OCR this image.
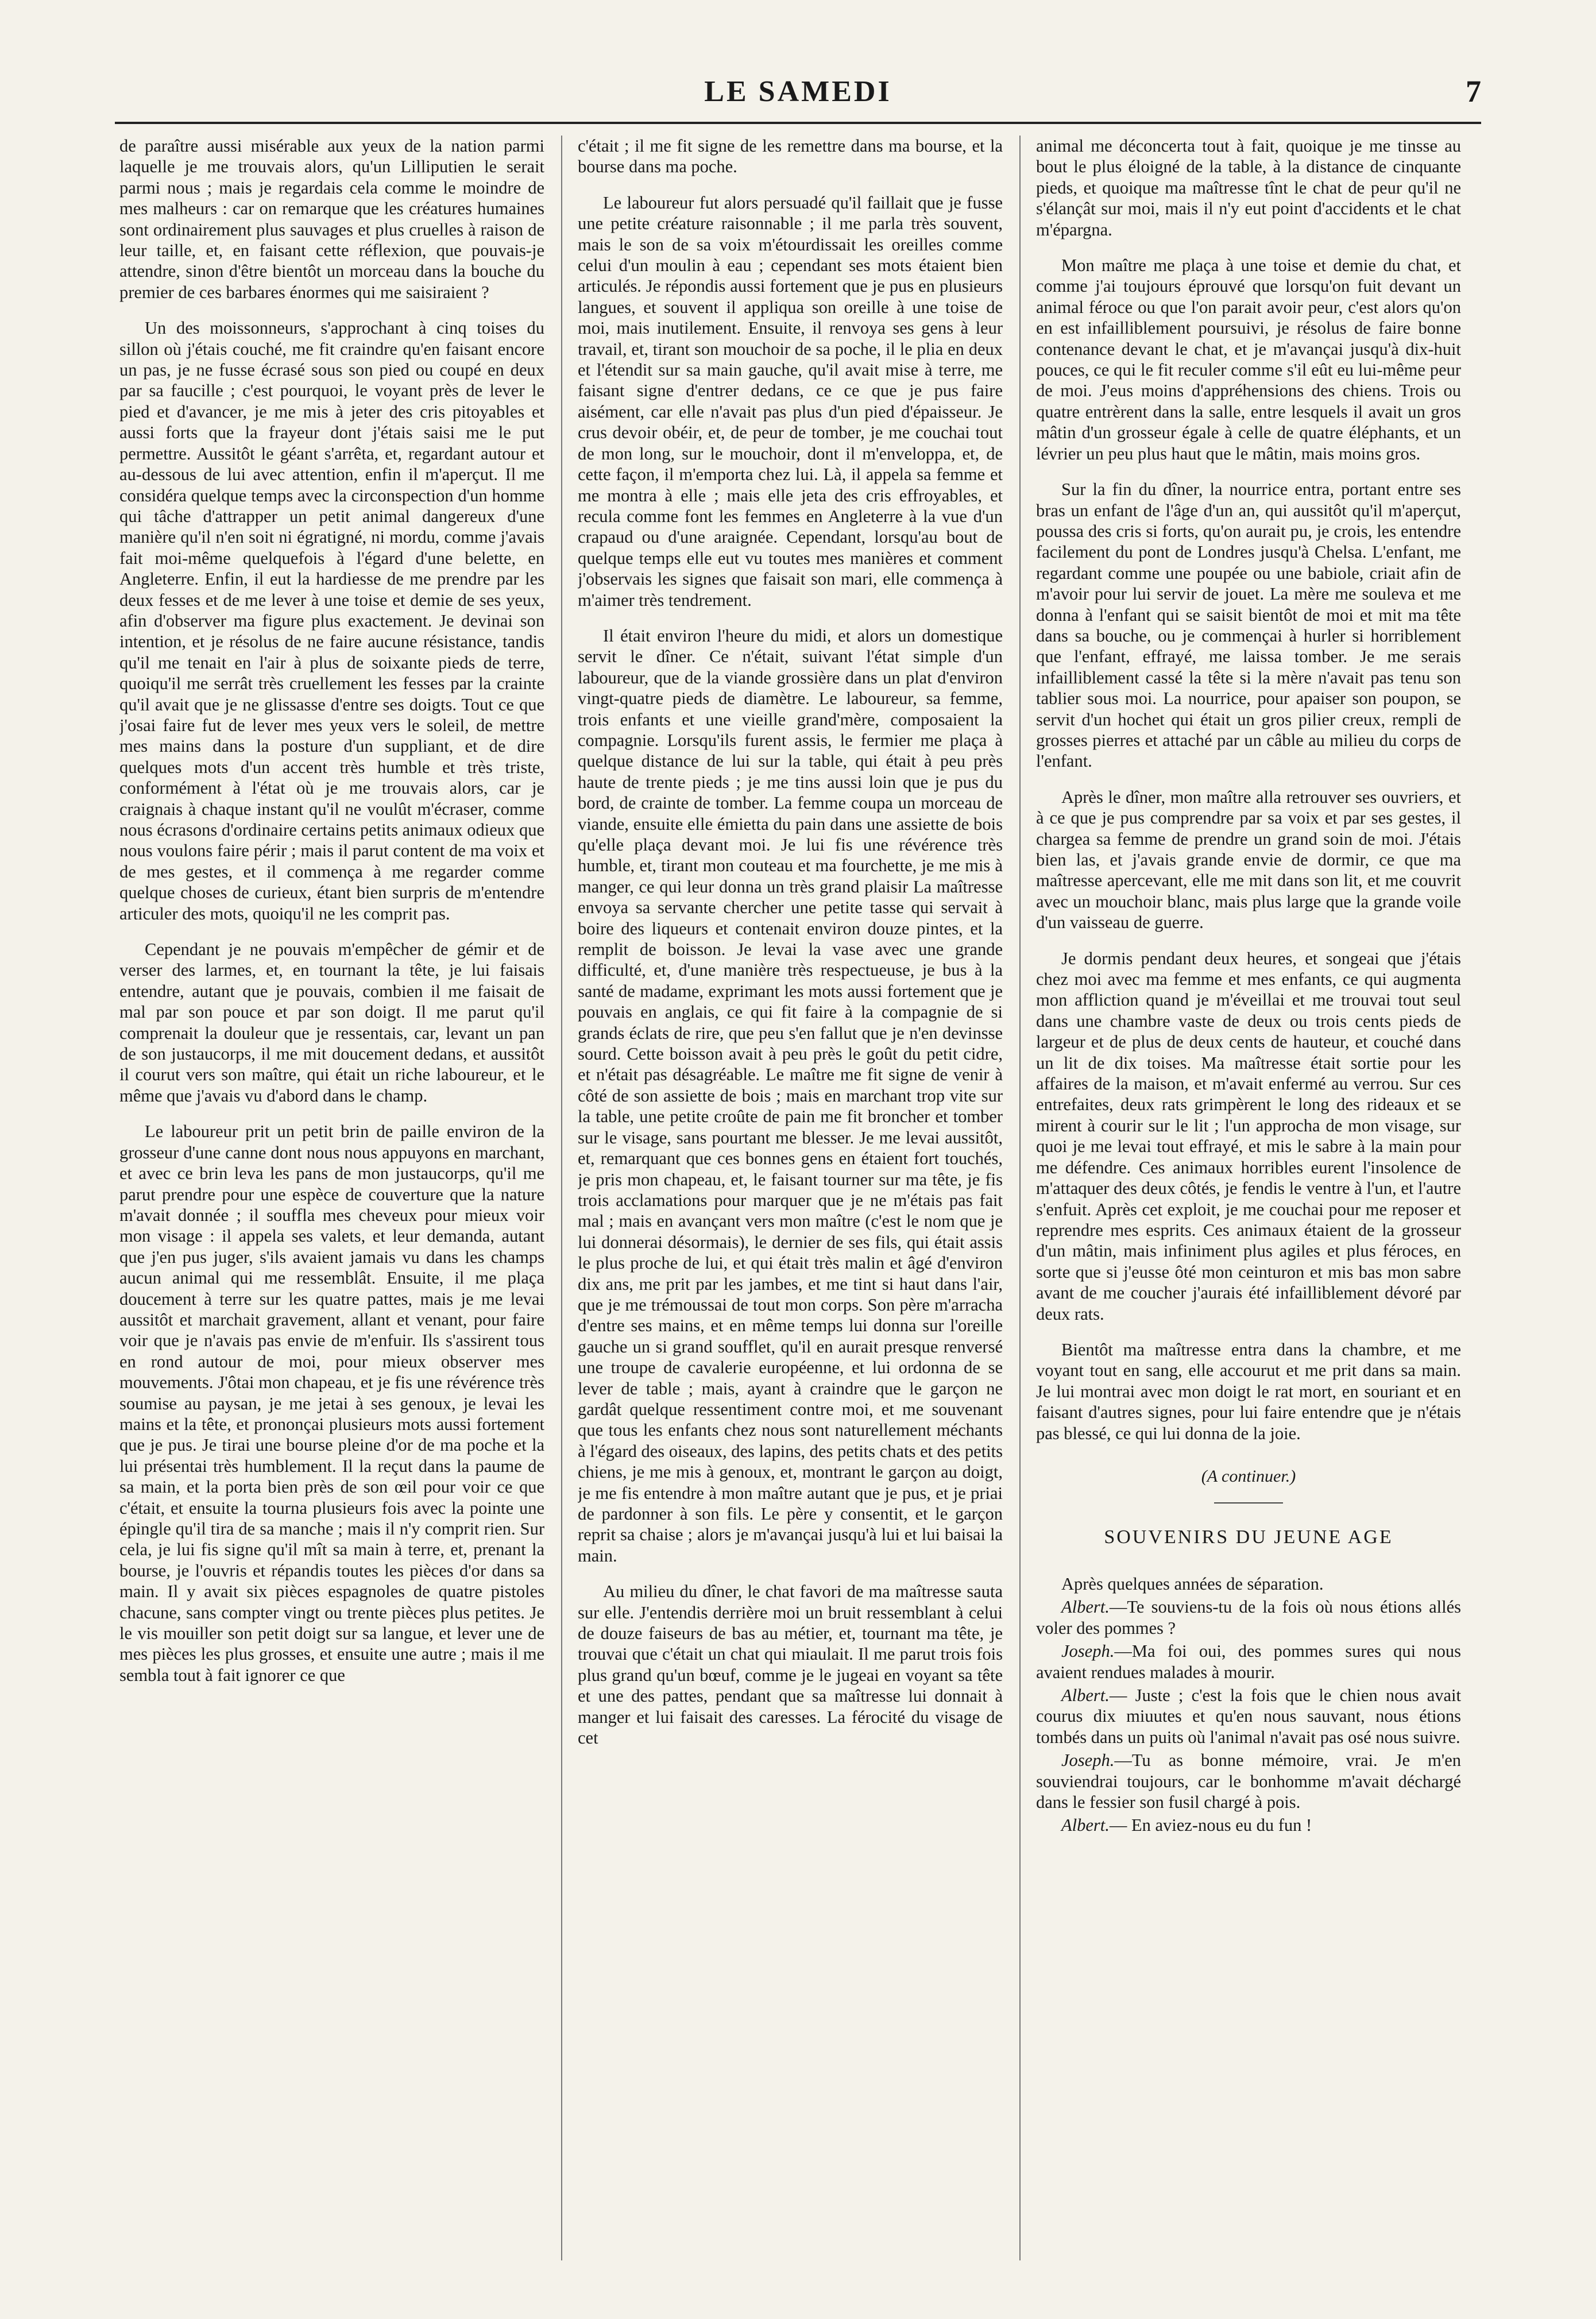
LE SAMEDI	7

de paraître aussi misérable aux yeux de la nation parmi laquelle je me trouvais alors, qu'un Lilliputien le serait parmi nous ; mais je regardais cela comme le moindre de mes malheurs : car on remarque que les créatures humaines sont ordinairement plus sauvages et plus cruelles à raison de leur taille, et, en faisant cette réflexion, que pouvais-je attendre, sinon d'être bientôt un morceau dans la bouche du premier de ces barbares énormes qui me saisiraient ?

Un des moissonneurs, s'approchant à cinq toises du sillon où j'étais couché, me fit craindre qu'en faisant encore un pas, je ne fusse écrasé sous son pied ou coupé en deux par sa faucille ; c'est pourquoi, le voyant près de lever le pied et d'avancer, je me mis à jeter des cris pitoyables et aussi forts que la frayeur dont j'étais saisi me le put permettre. Aussitôt le géant s'arrêta, et, regardant autour et au-dessous de lui avec attention, enfin il m'aperçut. Il me considéra quelque temps avec la circonspection d'un homme qui tâche d'attrapper un petit animal dangereux d'une manière qu'il n'en soit ni égratigné, ni mordu, comme j'avais fait moi-même quelquefois à l'égard d'une belette, en Angleterre. Enfin, il eut la hardiesse de me prendre par les deux fesses et de me lever à une toise et demie de ses yeux, afin d'observer ma figure plus exactement. Je devinai son intention, et je résolus de ne faire aucune résistance, tandis qu'il me tenait en l'air à plus de soixante pieds de terre, quoiqu'il me serrât très cruellement les fesses par la crainte qu'il avait que je ne glissasse d'entre ses doigts. Tout ce que j'osai faire fut de lever mes yeux vers le soleil, de mettre mes mains dans la posture d'un suppliant, et de dire quelques mots d'un accent très humble et très triste, conformément à l'état où je me trouvais alors, car je craignais à chaque instant qu'il ne voulût m'écraser, comme nous écrasons d'ordinaire certains petits animaux odieux que nous voulons faire périr ; mais il parut content de ma voix et de mes gestes, et il commença à me regarder comme quelque choses de curieux, étant bien surpris de m'entendre articuler des mots, quoiqu'il ne les comprit pas.

Cependant je ne pouvais m'empêcher de gémir et de verser des larmes, et, en tournant la tête, je lui faisais entendre, autant que je pouvais, combien il me faisait de mal par son pouce et par son doigt. Il me parut qu'il comprenait la douleur que je ressentais, car, levant un pan de son justaucorps, il me mit doucement dedans, et aussitôt il courut vers son maître, qui était un riche laboureur, et le même que j'avais vu d'abord dans le champ.

Le laboureur prit un petit brin de paille environ de la grosseur d'une canne dont nous nous appuyons en marchant, et avec ce brin leva les pans de mon justaucorps, qu'il me parut prendre pour une espèce de couverture que la nature m'avait donnée ; il souffla mes cheveux pour mieux voir mon visage : il appela ses valets, et leur demanda, autant que j'en pus juger, s'ils avaient jamais vu dans les champs aucun animal qui me ressemblât. Ensuite, il me plaça doucement à terre sur les quatre pattes, mais je me levai aussitôt et marchait gravement, allant et venant, pour faire voir que je n'avais pas envie de m'enfuir. Ils s'assirent tous en rond autour de moi, pour mieux observer mes mouvements. J'ôtai mon chapeau, et je fis une révérence très soumise au paysan, je me jetai à ses genoux, je levai les mains et la tête, et prononçai plusieurs mots aussi fortement que je pus. Je tirai une bourse pleine d'or de ma poche et la lui présentai très humblement. Il la reçut dans la paume de sa main, et la porta bien près de son œil pour voir ce que c'était, et ensuite la tourna plusieurs fois avec la pointe une épingle qu'il tira de sa manche ; mais il n'y comprit rien. Sur cela, je lui fis signe qu'il mît sa main à terre, et, prenant la bourse, je l'ouvris et répandis toutes les pièces d'or dans sa main. Il y avait six pièces espagnoles de quatre pistoles chacune, sans compter vingt ou trente pièces plus petites. Je le vis mouiller son petit doigt sur sa langue, et lever une de mes pièces les plus grosses, et ensuite une autre ; mais il me sembla tout à fait ignorer ce que

c'était ; il me fit signe de les remettre dans ma bourse, et la bourse dans ma poche.

Le laboureur fut alors persuadé qu'il faillait que je fusse une petite créature raisonnable ; il me parla très souvent, mais le son de sa voix m'étourdissait les oreilles comme celui d'un moulin à eau ; cependant ses mots étaient bien articulés. Je répondis aussi fortement que je pus en plusieurs langues, et souvent il appliqua son oreille à une toise de moi, mais inutilement. Ensuite, il renvoya ses gens à leur travail, et, tirant son mouchoir de sa poche, il le plia en deux et l'étendit sur sa main gauche, qu'il avait mise à terre, me faisant signe d'entrer dedans, ce ce que je pus faire aisément, car elle n'avait pas plus d'un pied d'épaisseur. Je crus devoir obéir, et, de peur de tomber, je me couchai tout de mon long, sur le mouchoir, dont il m'enveloppa, et, de cette façon, il m'emporta chez lui. Là, il appela sa femme et me montra à elle ; mais elle jeta des cris effroyables, et recula comme font les femmes en Angleterre à la vue d'un crapaud ou d'une araignée. Cependant, lorsqu'au bout de quelque temps elle eut vu toutes mes manières et comment j'observais les signes que faisait son mari, elle commença à m'aimer très tendrement.

Il était environ l'heure du midi, et alors un domestique servit le dîner. Ce n'était, suivant l'état simple d'un laboureur, que de la viande grossière dans un plat d'environ vingt-quatre pieds de diamètre. Le laboureur, sa femme, trois enfants et une vieille grand'mère, composaient la compagnie. Lorsqu'ils furent assis, le fermier me plaça à quelque distance de lui sur la table, qui était à peu près haute de trente pieds ; je me tins aussi loin que je pus du bord, de crainte de tomber. La femme coupa un morceau de viande, ensuite elle émietta du pain dans une assiette de bois qu'elle plaça devant moi. Je lui fis une révérence très humble, et, tirant mon couteau et ma fourchette, je me mis à manger, ce qui leur donna un très grand plaisir La maîtresse envoya sa servante chercher une petite tasse qui servait à boire des liqueurs et contenait environ douze pintes, et la remplit de boisson. Je levai la vase avec une grande difficulté, et, d'une manière très respectueuse, je bus à la santé de madame, exprimant les mots aussi fortement que je pouvais en anglais, ce qui fit faire à la compagnie de si grands éclats de rire, que peu s'en fallut que je n'en devinsse sourd. Cette boisson avait à peu près le goût du petit cidre, et n'était pas désagréable. Le maître me fit signe de venir à côté de son assiette de bois ; mais en marchant trop vite sur la table, une petite croûte de pain me fit broncher et tomber sur le visage, sans pourtant me blesser. Je me levai aussitôt, et, remarquant que ces bonnes gens en étaient fort touchés, je pris mon chapeau, et, le faisant tourner sur ma tête, je fis trois acclamations pour marquer que je ne m'étais pas fait mal ; mais en avançant vers mon maître (c'est le nom que je lui donnerai désormais), le dernier de ses fils, qui était assis le plus proche de lui, et qui était très malin et âgé d'environ dix ans, me prit par les jambes, et me tint si haut dans l'air, que je me trémoussai de tout mon corps. Son père m'arracha d'entre ses mains, et en même temps lui donna sur l'oreille gauche un si grand soufflet, qu'il en aurait presque renversé une troupe de cavalerie européenne, et lui ordonna de se lever de table ; mais, ayant à craindre que le garçon ne gardât quelque ressentiment contre moi, et me souvenant que tous les enfants chez nous sont naturellement méchants à l'égard des oiseaux, des lapins, des petits chats et des petits chiens, je me mis à genoux, et, montrant le garçon au doigt, je me fis entendre à mon maître autant que je pus, et je priai de pardonner à son fils. Le père y consentit, et le garçon reprit sa chaise ; alors je m'avançai jusqu'à lui et lui baisai la main.

Au milieu du dîner, le chat favori de ma maîtresse sauta sur elle. J'entendis derrière moi un bruit ressemblant à celui de douze faiseurs de bas au métier, et, tournant ma tête, je trouvai que c'était un chat qui miaulait. Il me parut trois fois plus grand qu'un bœuf, comme je le jugeai en voyant sa tête et une des pattes, pendant que sa maîtresse lui donnait à manger et lui faisait des caresses. La férocité du visage de cet

animal me déconcerta tout à fait, quoique je me tinsse au bout le plus éloigné de la table, à la distance de cinquante pieds, et quoique ma maîtresse tînt le chat de peur qu'il ne s'élançât sur moi, mais il n'y eut point d'accidents et le chat m'épargna.

Mon maître me plaça à une toise et demie du chat, et comme j'ai toujours éprouvé que lorsqu'on fuit devant un animal féroce ou que l'on parait avoir peur, c'est alors qu'on en est infailliblement poursuivi, je résolus de faire bonne contenance devant le chat, et je m'avançai jusqu'à dix-huit pouces, ce qui le fit reculer comme s'il eût eu lui-même peur de moi. J'eus moins d'appréhensions des chiens. Trois ou quatre entrèrent dans la salle, entre lesquels il avait un gros mâtin d'un grosseur égale à celle de quatre éléphants, et un lévrier un peu plus haut que le mâtin, mais moins gros.

Sur la fin du dîner, la nourrice entra, portant entre ses bras un enfant de l'âge d'un an, qui aussitôt qu'il m'aperçut, poussa des cris si forts, qu'on aurait pu, je crois, les entendre facilement du pont de Londres jusqu'à Chelsa. L'enfant, me regardant comme une poupée ou une babiole, criait afin de m'avoir pour lui servir de jouet. La mère me souleva et me donna à l'enfant qui se saisit bientôt de moi et mit ma tête dans sa bouche, ou je commençai à hurler si horriblement que l'enfant, effrayé, me laissa tomber. Je me serais infailliblement cassé la tête si la mère n'avait pas tenu son tablier sous moi. La nourrice, pour apaiser son poupon, se servit d'un hochet qui était un gros pilier creux, rempli de grosses pierres et attaché par un câble au milieu du corps de l'enfant.

Après le dîner, mon maître alla retrouver ses ouvriers, et à ce que je pus comprendre par sa voix et par ses gestes, il chargea sa femme de prendre un grand soin de moi. J'étais bien las, et j'avais grande envie de dormir, ce que ma maîtresse apercevant, elle me mit dans son lit, et me couvrit avec un mouchoir blanc, mais plus large que la grande voile d'un vaisseau de guerre.

Je dormis pendant deux heures, et songeai que j'étais chez moi avec ma femme et mes enfants, ce qui augmenta mon affliction quand je m'éveillai et me trouvai tout seul dans une chambre vaste de deux ou trois cents pieds de largeur et de plus de deux cents de hauteur, et couché dans un lit de dix toises. Ma maîtresse était sortie pour les affaires de la maison, et m'avait enfermé au verrou. Sur ces entrefaites, deux rats grimpèrent le long des rideaux et se mirent à courir sur le lit ; l'un approcha de mon visage, sur quoi je me levai tout effrayé, et mis le sabre à la main pour me défendre. Ces animaux horribles eurent l'insolence de m'attaquer des deux côtés, je fendis le ventre à l'un, et l'autre s'enfuit. Après cet exploit, je me couchai pour me reposer et reprendre mes esprits. Ces animaux étaient de la grosseur d'un mâtin, mais infiniment plus agiles et plus féroces, en sorte que si j'eusse ôté mon ceinturon et mis bas mon sabre avant de me coucher j'aurais été infailliblement dévoré par deux rats.

Bientôt ma maîtresse entra dans la chambre, et me voyant tout en sang, elle accourut et me prit dans sa main. Je lui montrai avec mon doigt le rat mort, en souriant et en faisant d'autres signes, pour lui faire entendre que je n'étais pas blessé, ce qui lui donna de la joie.

(A continuer.)
SOUVENIRS DU JEUNE AGE

Après quelques années de séparation.

Albert.—Te souviens-tu de la fois où nous étions allés voler des pommes ?

Joseph.—Ma foi oui, des pommes sures qui nous avaient rendues malades à mourir.

Albert.— Juste ; c'est la fois que le chien nous avait courus dix miuutes et qu'en nous sauvant, nous étions tombés dans un puits où l'animal n'avait pas osé nous suivre.

Joseph.—Tu as bonne mémoire, vrai. Je m'en souviendrai toujours, car le bonhomme m'avait déchargé dans le fessier son fusil chargé à pois.

Albert.— En aviez-nous eu du fun !
